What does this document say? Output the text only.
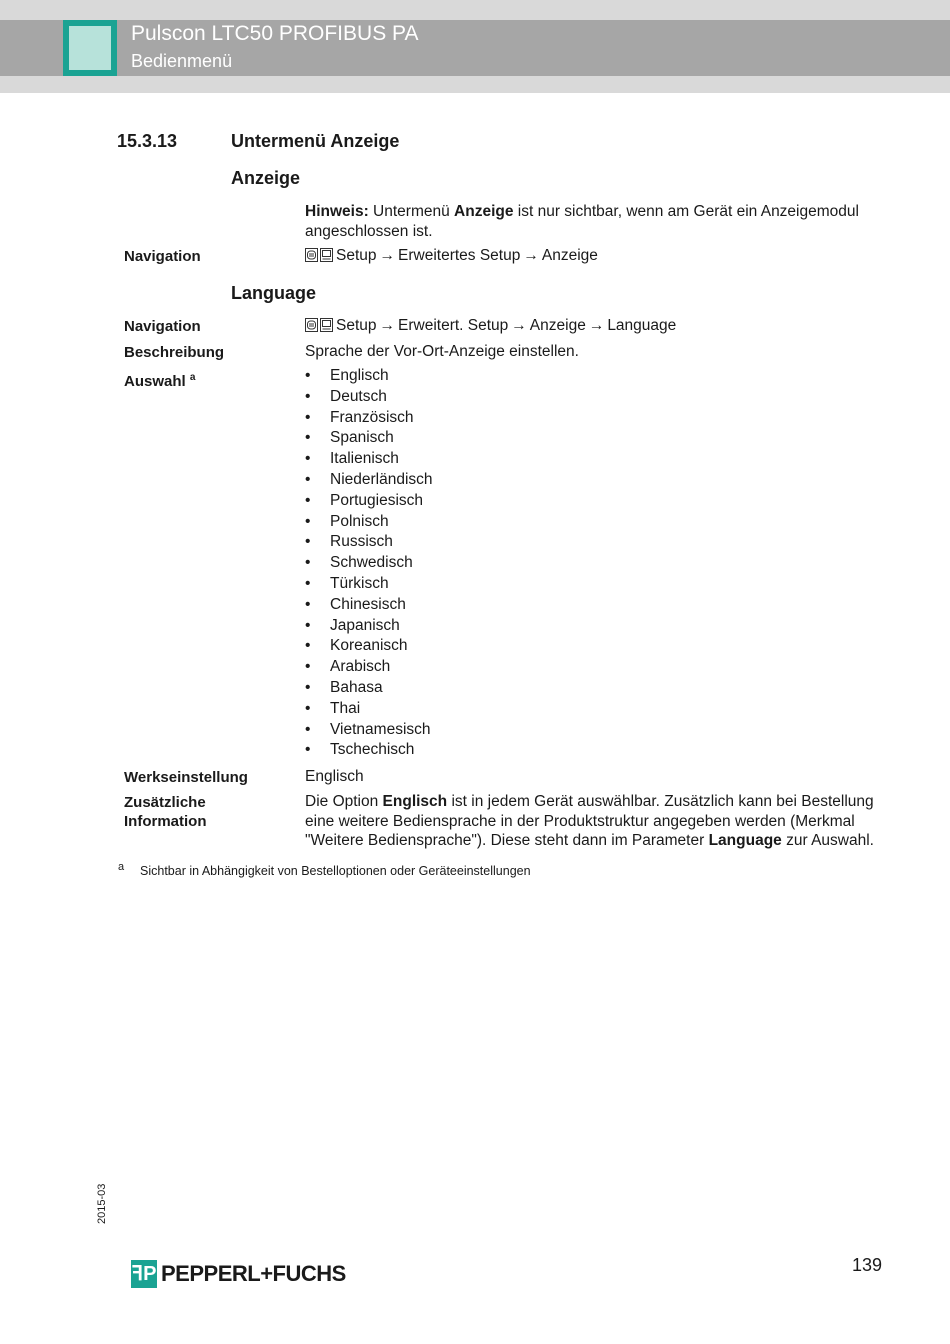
Pulscon LTC50 PROFIBUS PA
Bedienmenü
15.3.13	Untermenü Anzeige
Anzeige
Hinweis: Untermenü Anzeige ist nur sichtbar, wenn am Gerät ein Anzeigemodul angeschlossen ist.
Navigation	Setup → Erweitertes Setup → Anzeige
Language
Navigation	Setup → Erweitert. Setup → Anzeige → Language
Beschreibung	Sprache der Vor-Ort-Anzeige einstellen.
Auswahl $^a$	• Englisch
• Deutsch
• Französisch
• Spanisch
• Italienisch
• Niederländisch
• Portugiesisch
• Polnisch
• Russisch
• Schwedisch
• Türkisch
• Chinesisch
• Japanisch
• Koreanisch
• Arabisch
• Bahasa
• Thai
• Vietnamesisch
• Tschechisch
Werkseinstellung	Englisch
Zusätzliche
Information
Die Option Englisch ist in jedem Gerät auswählbar. Zusätzlich kann bei Bestellung eine weitere Bediensprache in der Produktstruktur angegeben werden (Merkmal "Weitere Bediensprache"). Diese steht dann im Parameter Language zur Auswahl.
a Sichtbar in Abhängigkeit von Bestelloptionen oder Geräteeinstellungen
2015-03
ꟻP PEPPERL+FUCHS	139
